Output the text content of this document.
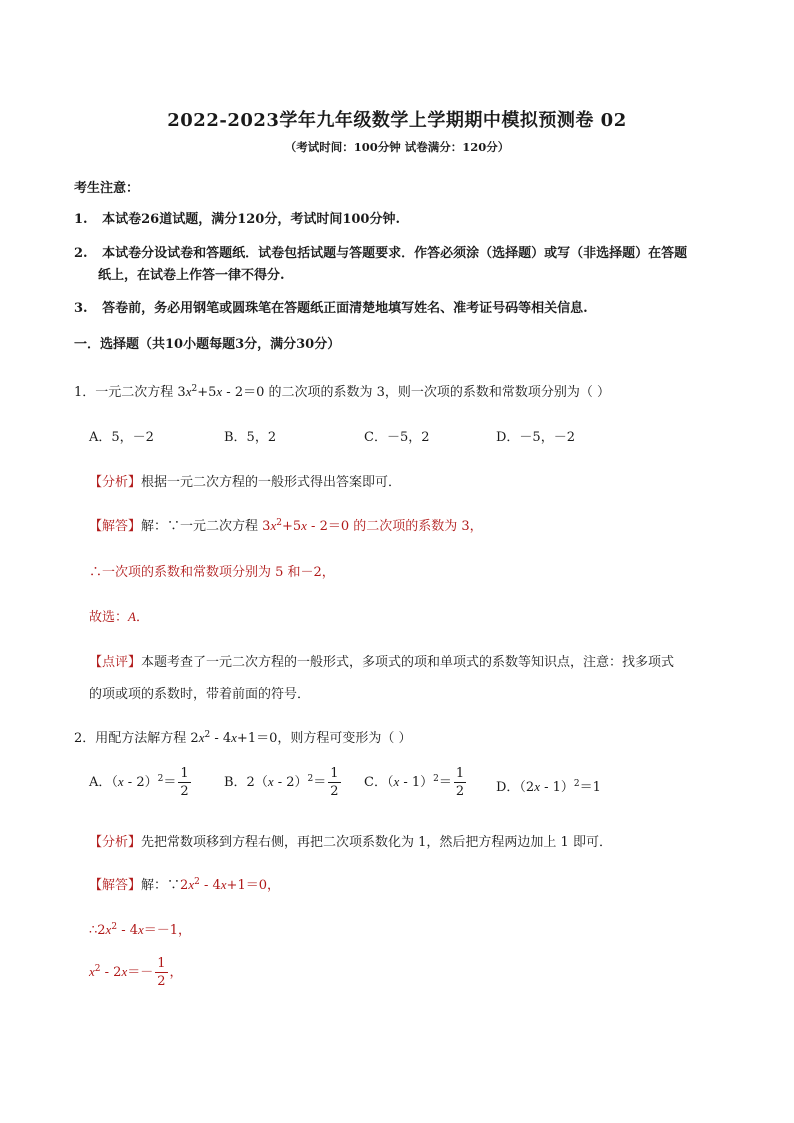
2022-2023学年九年级数学上学期期中模拟预测卷 02
（考试时间：100分钟 试卷满分：120分）
考生注意：
1. 本试卷26道试题，满分120分，考试时间100分钟.
2. 本试卷分设试卷和答题纸．试卷包括试题与答题要求．作答必须涂（选择题）或写（非选择题）在答题
纸上，在试卷上作答一律不得分.
3. 答卷前，务必用钢笔或圆珠笔在答题纸正面清楚地填写姓名、准考证号码等相关信息.
一．选择题（共10小题每题3分，满分30分）
1．一元二次方程 $3x^2+5x - 2=0$ 的二次项的系数为 3，则一次项的系数和常数项分别为（ ）
A．5，－2	B．5，2	C．－5，2	D．－5，－2
【分析】根据一元二次方程的一般形式得出答案即可．
【解答】解：∵一元二次方程 $3x^2+5x - 2=0$ 的二次项的系数为 3，
∴一次项的系数和常数项分别为 5 和－2，
故选：A．
【点评】本题考查了一元二次方程的一般形式，多项式的项和单项式的系数等知识点，注意：找多项式
的项或项的系数时，带着前面的符号．
2．用配方法解方程 $2x^2 - 4x+1=0$，则方程可变形为（ ）
A．$(x - 2)^2= \frac{1}{2}$	B．$2(x - 2)^2= \frac{1}{2}$ C．$(x - 1)^2= \frac{1}{2}$ D．（2x - 1）$^2$＝1
【分析】先把常数项移到方程右侧，再把二次项系数化为 1，然后把方程两边加上 1 即可．
【解答】解：$\because 2x^2 - 4x+1=0$，
$\therefore 2x^2 - 4x=-1$，
$x^2 - 2x=- \frac{1}{2}$ ，
